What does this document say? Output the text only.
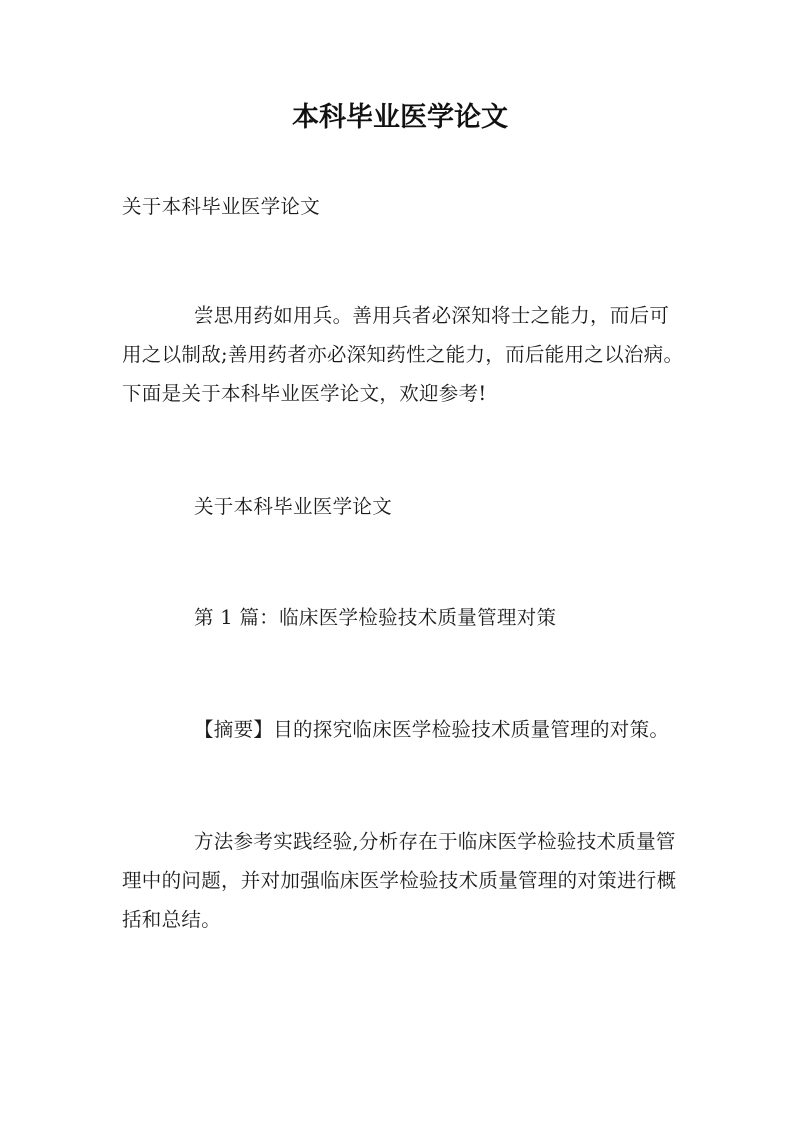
本科毕业医学论文

关于本科毕业医学论文

尝思用药如用兵。善用兵者必深知将士之能力，而后可用之以制敌;善用药者亦必深知药性之能力，而后能用之以治病。下面是关于本科毕业医学论文，欢迎参考!

关于本科毕业医学论文

第 1 篇：临床医学检验技术质量管理对策

【摘要】目的探究临床医学检验技术质量管理的对策。

方法参考实践经验,分析存在于临床医学检验技术质量管理中的问题，并对加强临床医学检验技术质量管理的对策进行概括和总结。
